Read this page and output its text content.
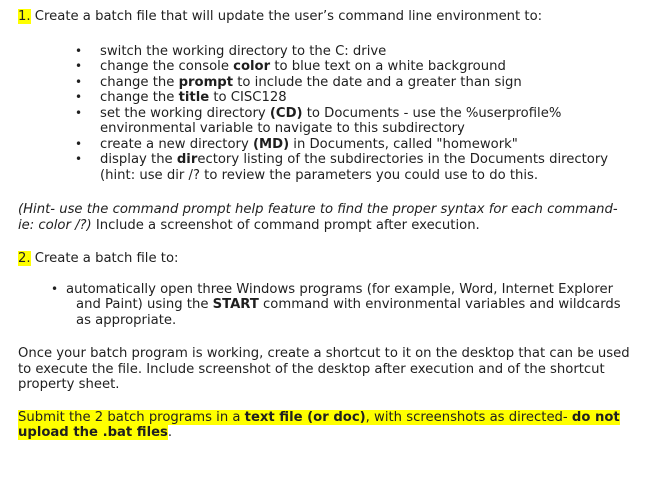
1. Create a batch file that will update the user’s command line environment to:

• switch the working directory to the C: drive
• change the console color to blue text on a white background
• change the prompt to include the date and a greater than sign
• change the title to CISC128
• set the working directory (CD) to Documents - use the %userprofile% environmental variable to navigate to this subdirectory
• create a new directory (MD) in Documents, called "homework"
• display the directory listing of the subdirectories in the Documents directory (hint: use dir /? to review the parameters you could use to do this.

(Hint- use the command prompt help feature to find the proper syntax for each command- ie: color /?) Include a screenshot of command prompt after execution.

2. Create a batch file to:

• automatically open three Windows programs (for example, Word, Internet Explorer and Paint) using the START command with environmental variables and wildcards as appropriate.

Once your batch program is working, create a shortcut to it on the desktop that can be used to execute the file. Include screenshot of the desktop after execution and of the shortcut property sheet.

Submit the 2 batch programs in a text file (or doc), with screenshots as directed- do not upload the .bat files.
